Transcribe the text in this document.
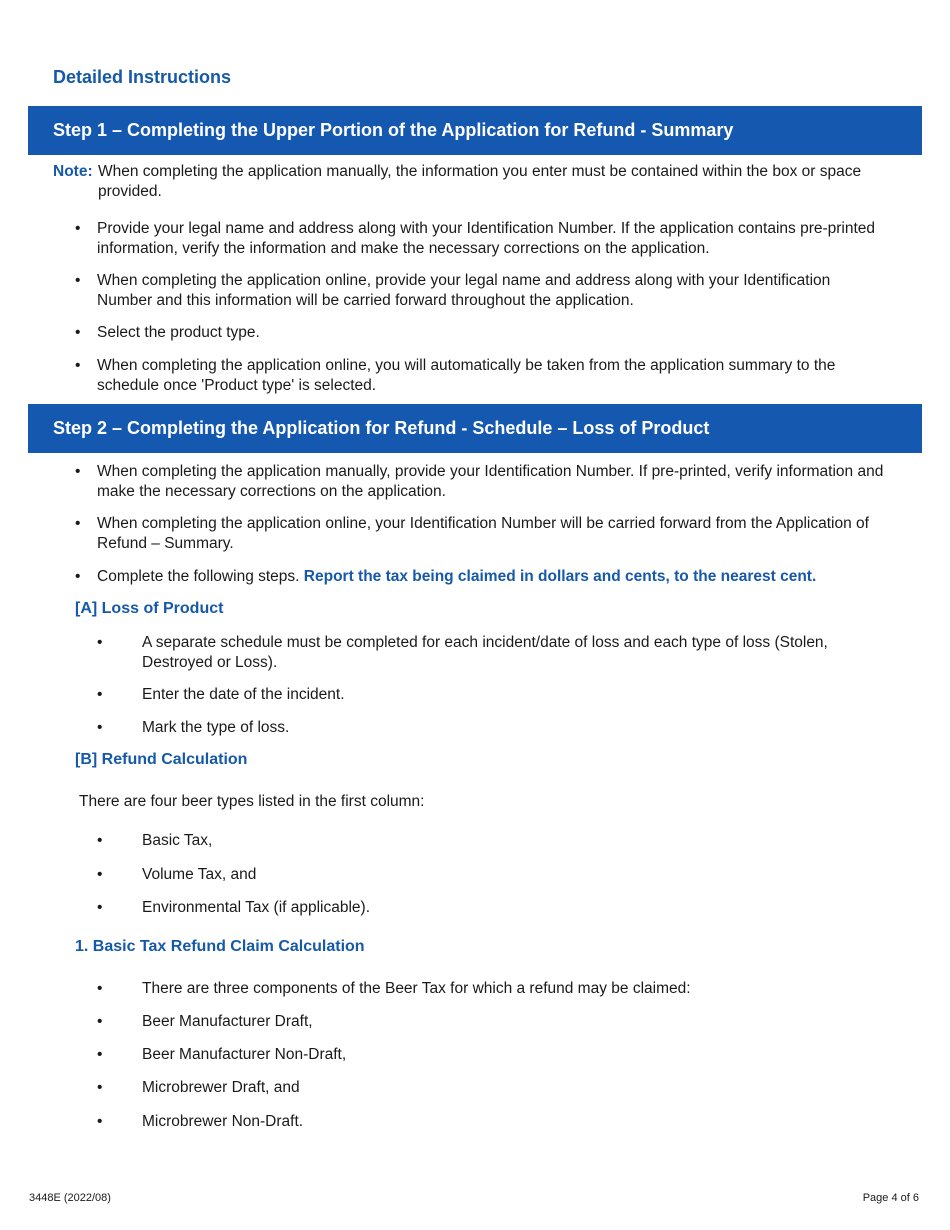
Detailed Instructions
Step 1 – Completing the Upper Portion of the Application for Refund - Summary
Note: When completing the application manually, the information you enter must be contained within the box or space provided.
• Provide your legal name and address along with your Identification Number. If the application contains pre-printed information, verify the information and make the necessary corrections on the application.
• When completing the application online, provide your legal name and address along with your Identification Number and this information will be carried forward throughout the application.
• Select the product type.
• When completing the application online, you will automatically be taken from the application summary to the schedule once 'Product type' is selected.
Step 2 – Completing the Application for Refund - Schedule – Loss of Product
• When completing the application manually, provide your Identification Number. If pre-printed, verify information and make the necessary corrections on the application.
• When completing the application online, your Identification Number will be carried forward from the Application of Refund – Summary.
• Complete the following steps. Report the tax being claimed in dollars and cents, to the nearest cent.
[A] Loss of Product
•	A separate schedule must be completed for each incident/date of loss and each type of loss (Stolen, Destroyed or Loss).
•	Enter the date of the incident.
•	Mark the type of loss.
[B] Refund Calculation
There are four beer types listed in the first column:
•	Basic Tax,
•	Volume Tax, and
•	Environmental Tax (if applicable).
1. Basic Tax Refund Claim Calculation
•	There are three components of the Beer Tax for which a refund may be claimed:
•	Beer Manufacturer Draft,
•	Beer Manufacturer Non-Draft,
•	Microbrewer Draft, and
•	Microbrewer Non-Draft.
3448E (2022/08)	Page 4 of 6
